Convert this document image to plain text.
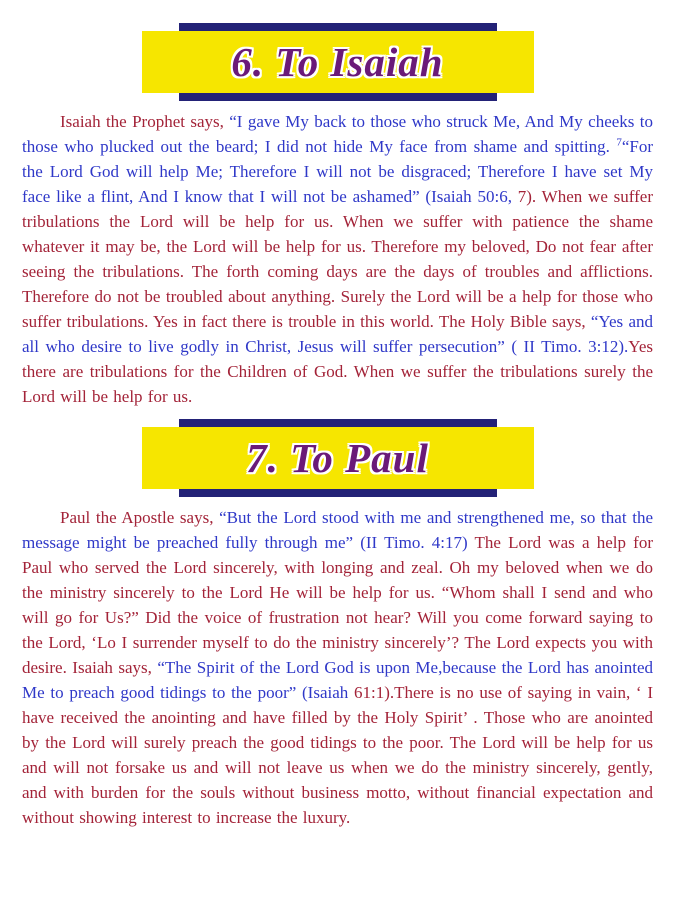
6. To Isaiah

Isaiah the Prophet says, “I gave My back to those who struck Me, And My cheeks to those who plucked out the beard; I did not hide My face from shame and spitting. $^7$“For the Lord God will help Me; Therefore I will not be disgraced; Therefore I have set My face like a flint, And I know that I will not be ashamed” (Isaiah 50:6, 7). When we suffer tribulations the Lord will be help for us. When we suffer with patience the shame whatever it may be, the Lord will be help for us. Therefore my beloved, Do not fear after seeing the tribulations. The forth coming days are the days of troubles and afflictions. Therefore do not be troubled about anything. Surely the Lord will be a help for those who suffer tribulations. Yes in fact there is trouble in this world. The Holy Bible says, “Yes and all who desire to live godly in Christ, Jesus will suffer persecution” ( II Timo. 3:12).Yes there are tribulations for the Children of God. When we suffer the tribulations surely the Lord will be help for us.

7. To Paul

Paul the Apostle says, “But the Lord stood with me and strengthened me, so that the message might be preached fully through me” (II Timo. 4:17) The Lord was a help for Paul who served the Lord sincerely, with longing and zeal. Oh my beloved when we do the ministry sincerely to the Lord He will be help for us. “Whom shall I send and who will go for Us?” Did the voice of frustration not hear? Will you come forward saying to the Lord, ‘Lo I surrender myself to do the ministry sincerely’? The Lord expects you with desire. Isaiah says, “The Spirit of the Lord God is upon Me,because the Lord has anointed Me to preach good tidings to the poor” (Isaiah 61:1).There is no use of saying in vain, ‘ I have received the anointing and have filled by the Holy Spirit’ . Those who are anointed by the Lord will surely preach the good tidings to the poor. The Lord will be help for us and will not forsake us and will not leave us when we do the ministry sincerely, gently, and with burden for the souls without business motto, without financial expectation and without showing interest to increase the luxury.
